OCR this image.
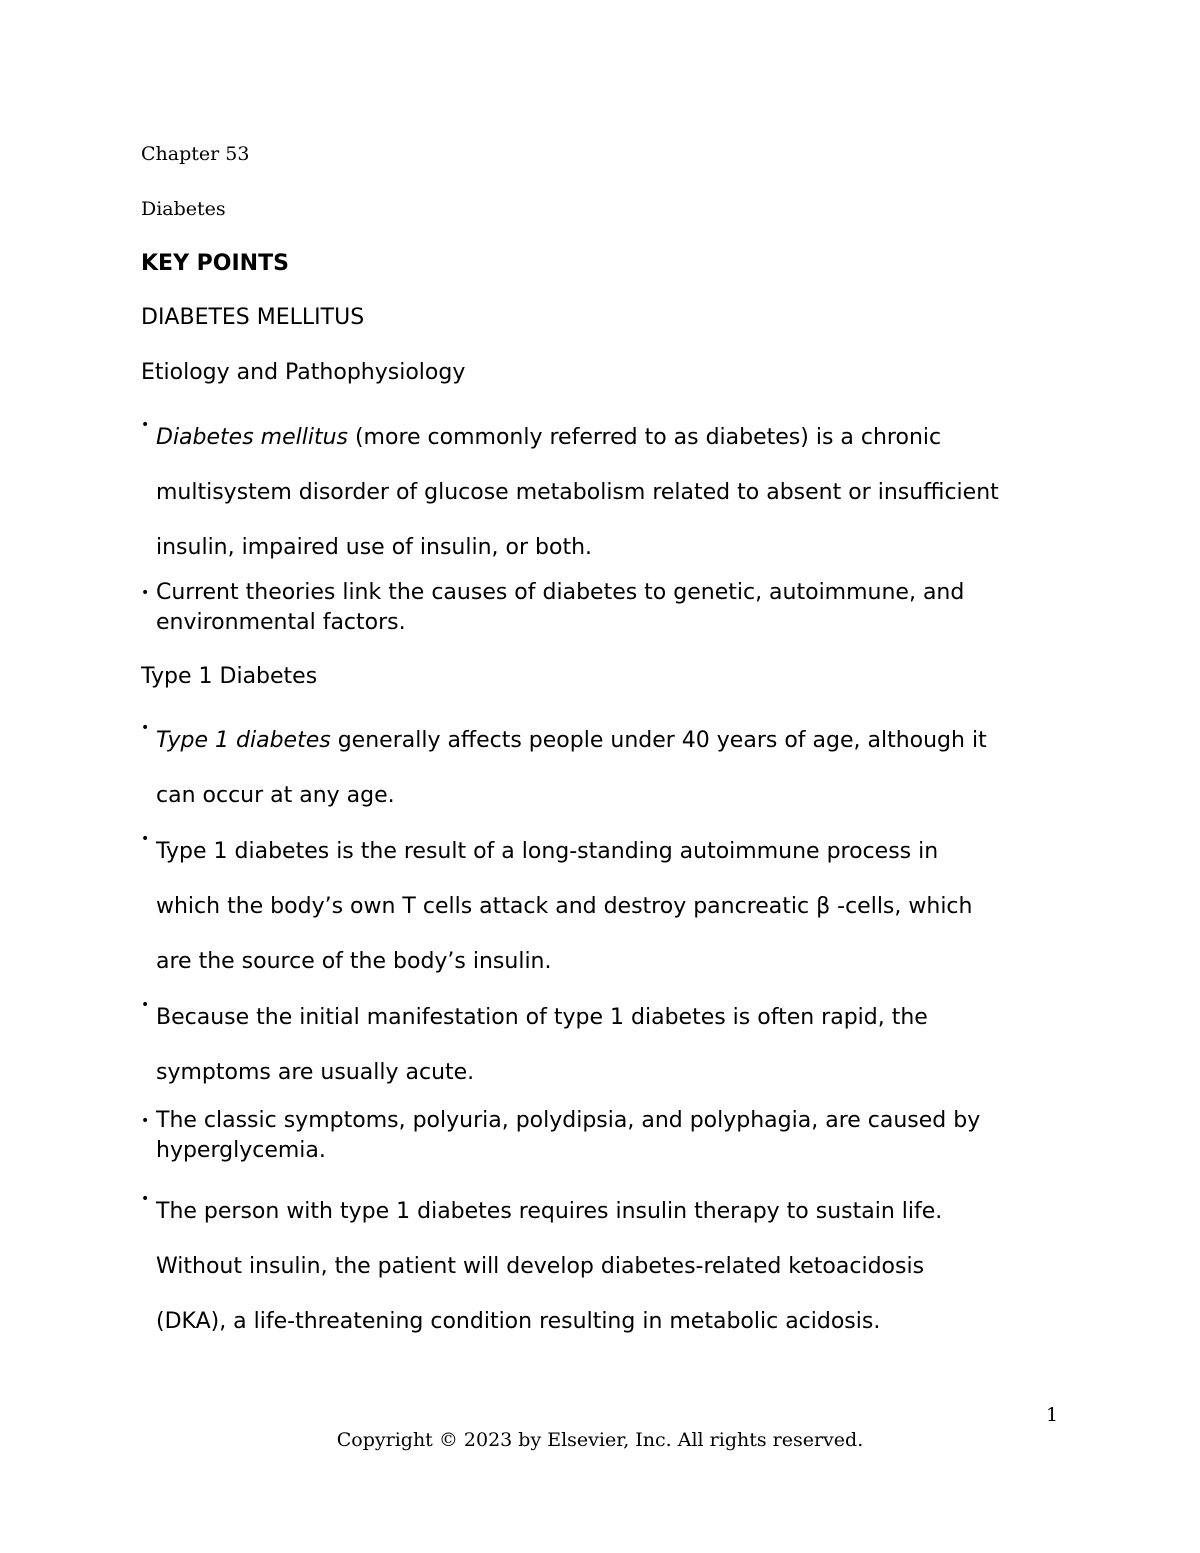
Chapter 53

Diabetes

KEY POINTS

DIABETES MELLITUS

Etiology and Pathophysiology

• Diabetes mellitus (more commonly referred to as diabetes) is a chronic
multisystem disorder of glucose metabolism related to absent or insufficient
insulin, impaired use of insulin, or both.
• Current theories link the causes of diabetes to genetic, autoimmune, and
environmental factors.

Type 1 Diabetes

• Type 1 diabetes generally affects people under 40 years of age, although it
can occur at any age.
• Type 1 diabetes is the result of a long-standing autoimmune process in
which the body’s own T cells attack and destroy pancreatic β -cells, which
are the source of the body’s insulin.
• Because the initial manifestation of type 1 diabetes is often rapid, the
symptoms are usually acute.
• The classic symptoms, polyuria, polydipsia, and polyphagia, are caused by
hyperglycemia.
• The person with type 1 diabetes requires insulin therapy to sustain life.
Without insulin, the patient will develop diabetes-related ketoacidosis
(DKA), a life-threatening condition resulting in metabolic acidosis.
1
Copyright © 2023 by Elsevier, Inc. All rights reserved.
